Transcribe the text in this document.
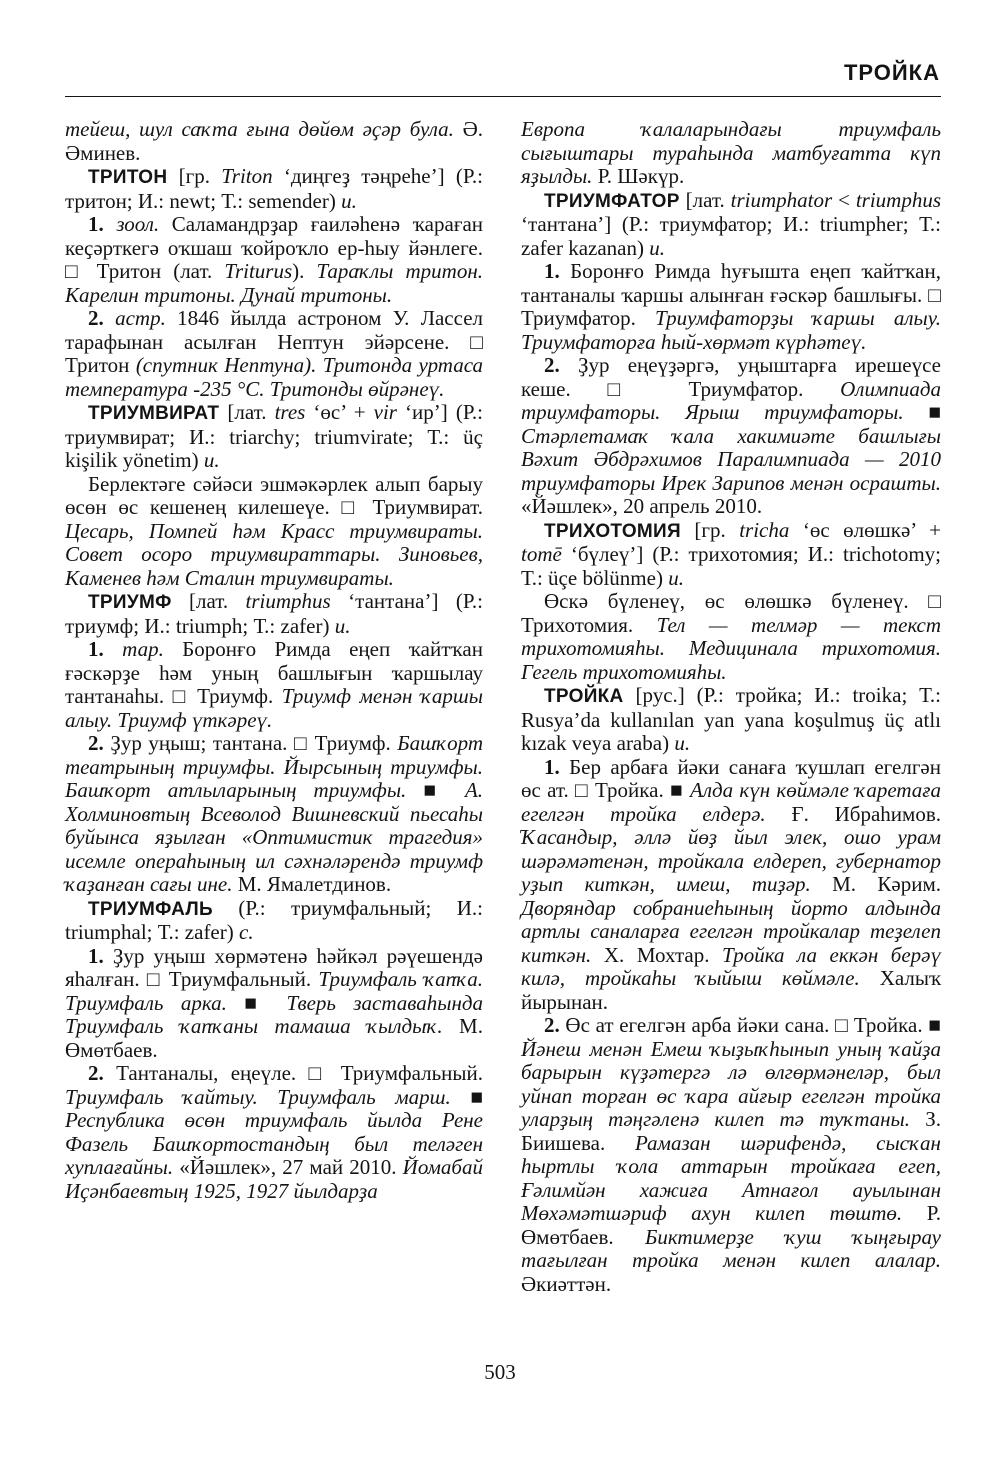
ТРОЙКА

тейеш, шул саҡта ғына дөйөм әҫәр була. Ә. Әминев.

ТРИТОН [гр. Triton ‘диңгеҙ тәңреһе’] (Р.: тритон; И.: newt; Т.: semender) и.

1. зоол. Саламандрҙар ғаиләһенә ҡараған кеҫәрткегә оҡшаш ҡойроҡло ер-һыу йәнлеге. □ Тритон (лат. Triturus). Тараҡлы тритон. Карелин тритоны. Дунай тритоны.

2. астр. 1846 йылда астроном У. Лассел тарафынан асылған Нептун эйәрсене. □ Тритон (спутник Нептуна). Тритонда уртаса температура -235 °C. Тритонды өйрәнеү.

ТРИУМВИРАТ [лат. tres ‘өс’ + vir ‘ир’] (Р.: триумвират; И.: triarchy; triumvirate; Т.: üç kişilik yönetim) и.

Берлектәге сәйәси эшмәкәрлек алып барыу өсөн өс кешенең килешеүе. □ Триумвират. Цесарь, Помпей һәм Красс триумвираты. Совет осоро триумвираттары. Зиновьев, Каменев һәм Сталин триумвираты.

ТРИУМФ [лат. triumphus ‘тантана’] (Р.: триумф; И.: triumph; Т.: zafer) и.

1. тар. Боронғо Римда еңеп ҡайтҡан ғәскәрҙе һәм уның башлығын ҡаршылау тантанаһы. □ Триумф. Триумф менән ҡаршы алыу. Триумф үткәреү.

2. Ҙур уңыш; тантана. □ Триумф. Башҡорт театрының триумфы. Йырсының триумфы. Башҡорт атлыларының триумфы. ■ А. Холминовтың Всеволод Вишневский пьесаһы буйынса яҙылған «Оптимистик трагедия» исемле операһының ил сәхнәләрендә триумф ҡаҙанған сағы ине. М. Ямалетдинов.

ТРИУМФАЛЬ (Р.: триумфальный; И.: triumphal; Т.: zafer) с.

1. Ҙур уңыш хөрмәтенә һәйкәл рәүешендә яһалған. □ Триумфальный. Триумфаль ҡапҡа. Триумфаль арка. ■ Тверь заставаһында Триумфаль ҡапҡаны тамаша ҡылдыҡ. М. Өмөтбаев.

2. Тантаналы, еңеүле. □ Триумфальный. Триумфаль ҡайтыу. Триумфаль марш. ■ Республика өсөн триумфаль йылда Рене Фазель Башҡортостандың был теләген хуплағайны. «Йәшлек», 27 май 2010. Йомабай Иҫәнбаевтың 1925, 1927 йылдарҙа

Европа ҡалаларындағы триумфаль сығыштары тураһында матбуғатта күп яҙылды. Р. Шәкүр.

ТРИУМФАТОР [лат. triumphator < triumphus ‘тантана’] (Р.: триумфатор; И.: triumpher; Т.: zafer kazanan) и.

1. Боронғо Римда һуғышта еңеп ҡайтҡан, тантаналы ҡаршы алынған ғәскәр башлығы. □ Триумфатор. Триумфаторҙы ҡаршы алыу. Триумфаторға һый-хөрмәт күрһәтеү.

2. Ҙур еңеүҙәргә, уңыштарға ирешеүсе кеше. □ Триумфатор. Олимпиада триумфаторы. Ярыш триумфаторы. ■ Стәрлетамаҡ ҡала хакимиәте башлығы Вәхит Әбдрәхимов Паралимпиада — 2010 триумфаторы Ирек Зарипов менән осрашты. «Йәшлек», 20 апрель 2010.

ТРИХОТОМИЯ [гр. tricha ‘өс өлөшкә’ + tomē ‘бүлеү’] (Р.: трихотомия; И.: trichotomy; Т.: üçe bölünme) и.

Өскә бүленеү, өс өлөшкә бүленеү. □ Трихотомия. Тел — телмәр — текст трихотомияһы. Медицинала трихотомия. Гегель трихотомияһы.

ТРОЙКА [рус.] (Р.: тройка; И.: troika; Т.: Rusya’da kullanılan yan yana koşulmuş üç atlı kızak veya araba) и.

1. Бер арбаға йәки санаға ҡушлап егелгән өс ат. □ Тройка. ■ Алда күн көймәле ҡаретаға егелгән тройка елдерә. Ғ. Ибраһимов. Ҡасандыр, әллә йөҙ йыл элек, ошо урам шәрәмәтенән, тройкала елдереп, губернатор уҙып киткән, имеш, тиҙәр. М. Кәрим. Дворяндар собраниеһының йорто алдында артлы саналарға егелгән тройкалар теҙелеп киткән. Х. Мохтар. Тройка ла еккән берәү килә, тройкаһы ҡыйыш көймәле. Халыҡ йырынан.

2. Өс ат егелгән арба йәки сана. □ Тройка. ■ Йәнеш менән Емеш ҡыҙыҡһынып уның ҡайҙа барырын күҙәтергә лә өлгөрмәнеләр, был уйнап торған өс ҡара айғыр егелгән тройка уларҙың тәңгәленә килеп тә туҡтаны. З. Биишева. Рамазан шәрифендә, сысҡан һыртлы ҡола аттарын тройкаға егеп, Ғәлимйән хажиға Атнағол ауылынан Мөхәмәтшәриф ахун килеп төштө. Р. Өмөтбаев. Биктимерҙе ҡуш ҡыңғырау тағылған тройка менән килеп алалар. Әкиәттән.

503
